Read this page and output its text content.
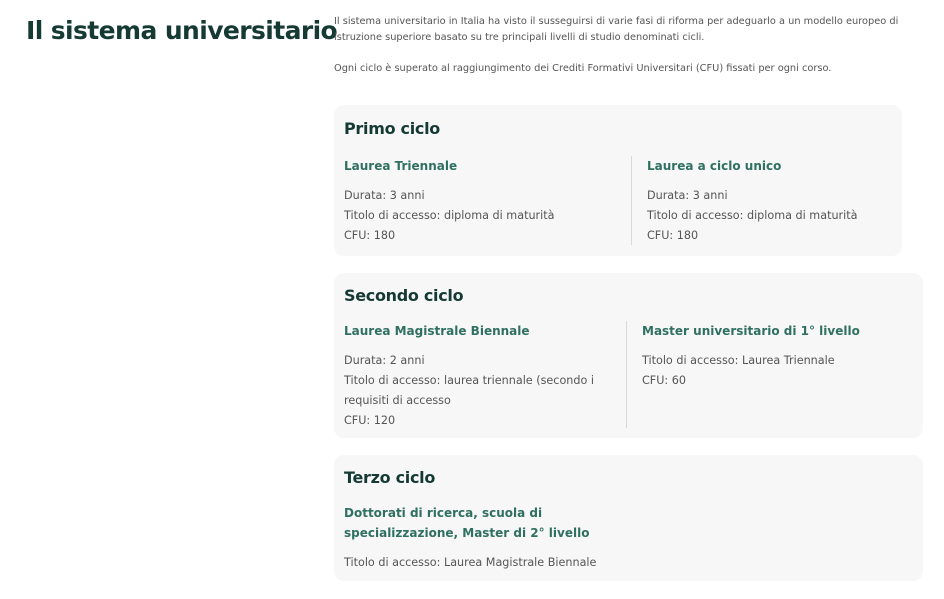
Il sistema universitario

Il sistema universitario in Italia ha visto il susseguirsi di varie fasi di riforma per adeguarlo a un modello europeo di istruzione superiore basato su tre principali livelli di studio denominati cicli.

Ogni ciclo è superato al raggiungimento dei Crediti Formativi Universitari (CFU) fissati per ogni corso.

Primo ciclo
Laurea Triennale

Durata: 3 anni

Titolo di accesso: diploma di maturità

CFU: 180

Laurea a ciclo unico

Durata: 3 anni

Titolo di accesso: diploma di maturità

CFU: 180

Secondo ciclo
Laurea Magistrale Biennale

Durata: 2 anni

Titolo di accesso: laurea triennale (secondo i requisiti di accesso

CFU: 120

Master universitario di 1° livello

Titolo di accesso: Laurea Triennale

CFU: 60

Terzo ciclo
Dottorati di ricerca, scuola di specializzazione, Master di 2° livello

Titolo di accesso: Laurea Magistrale Biennale
